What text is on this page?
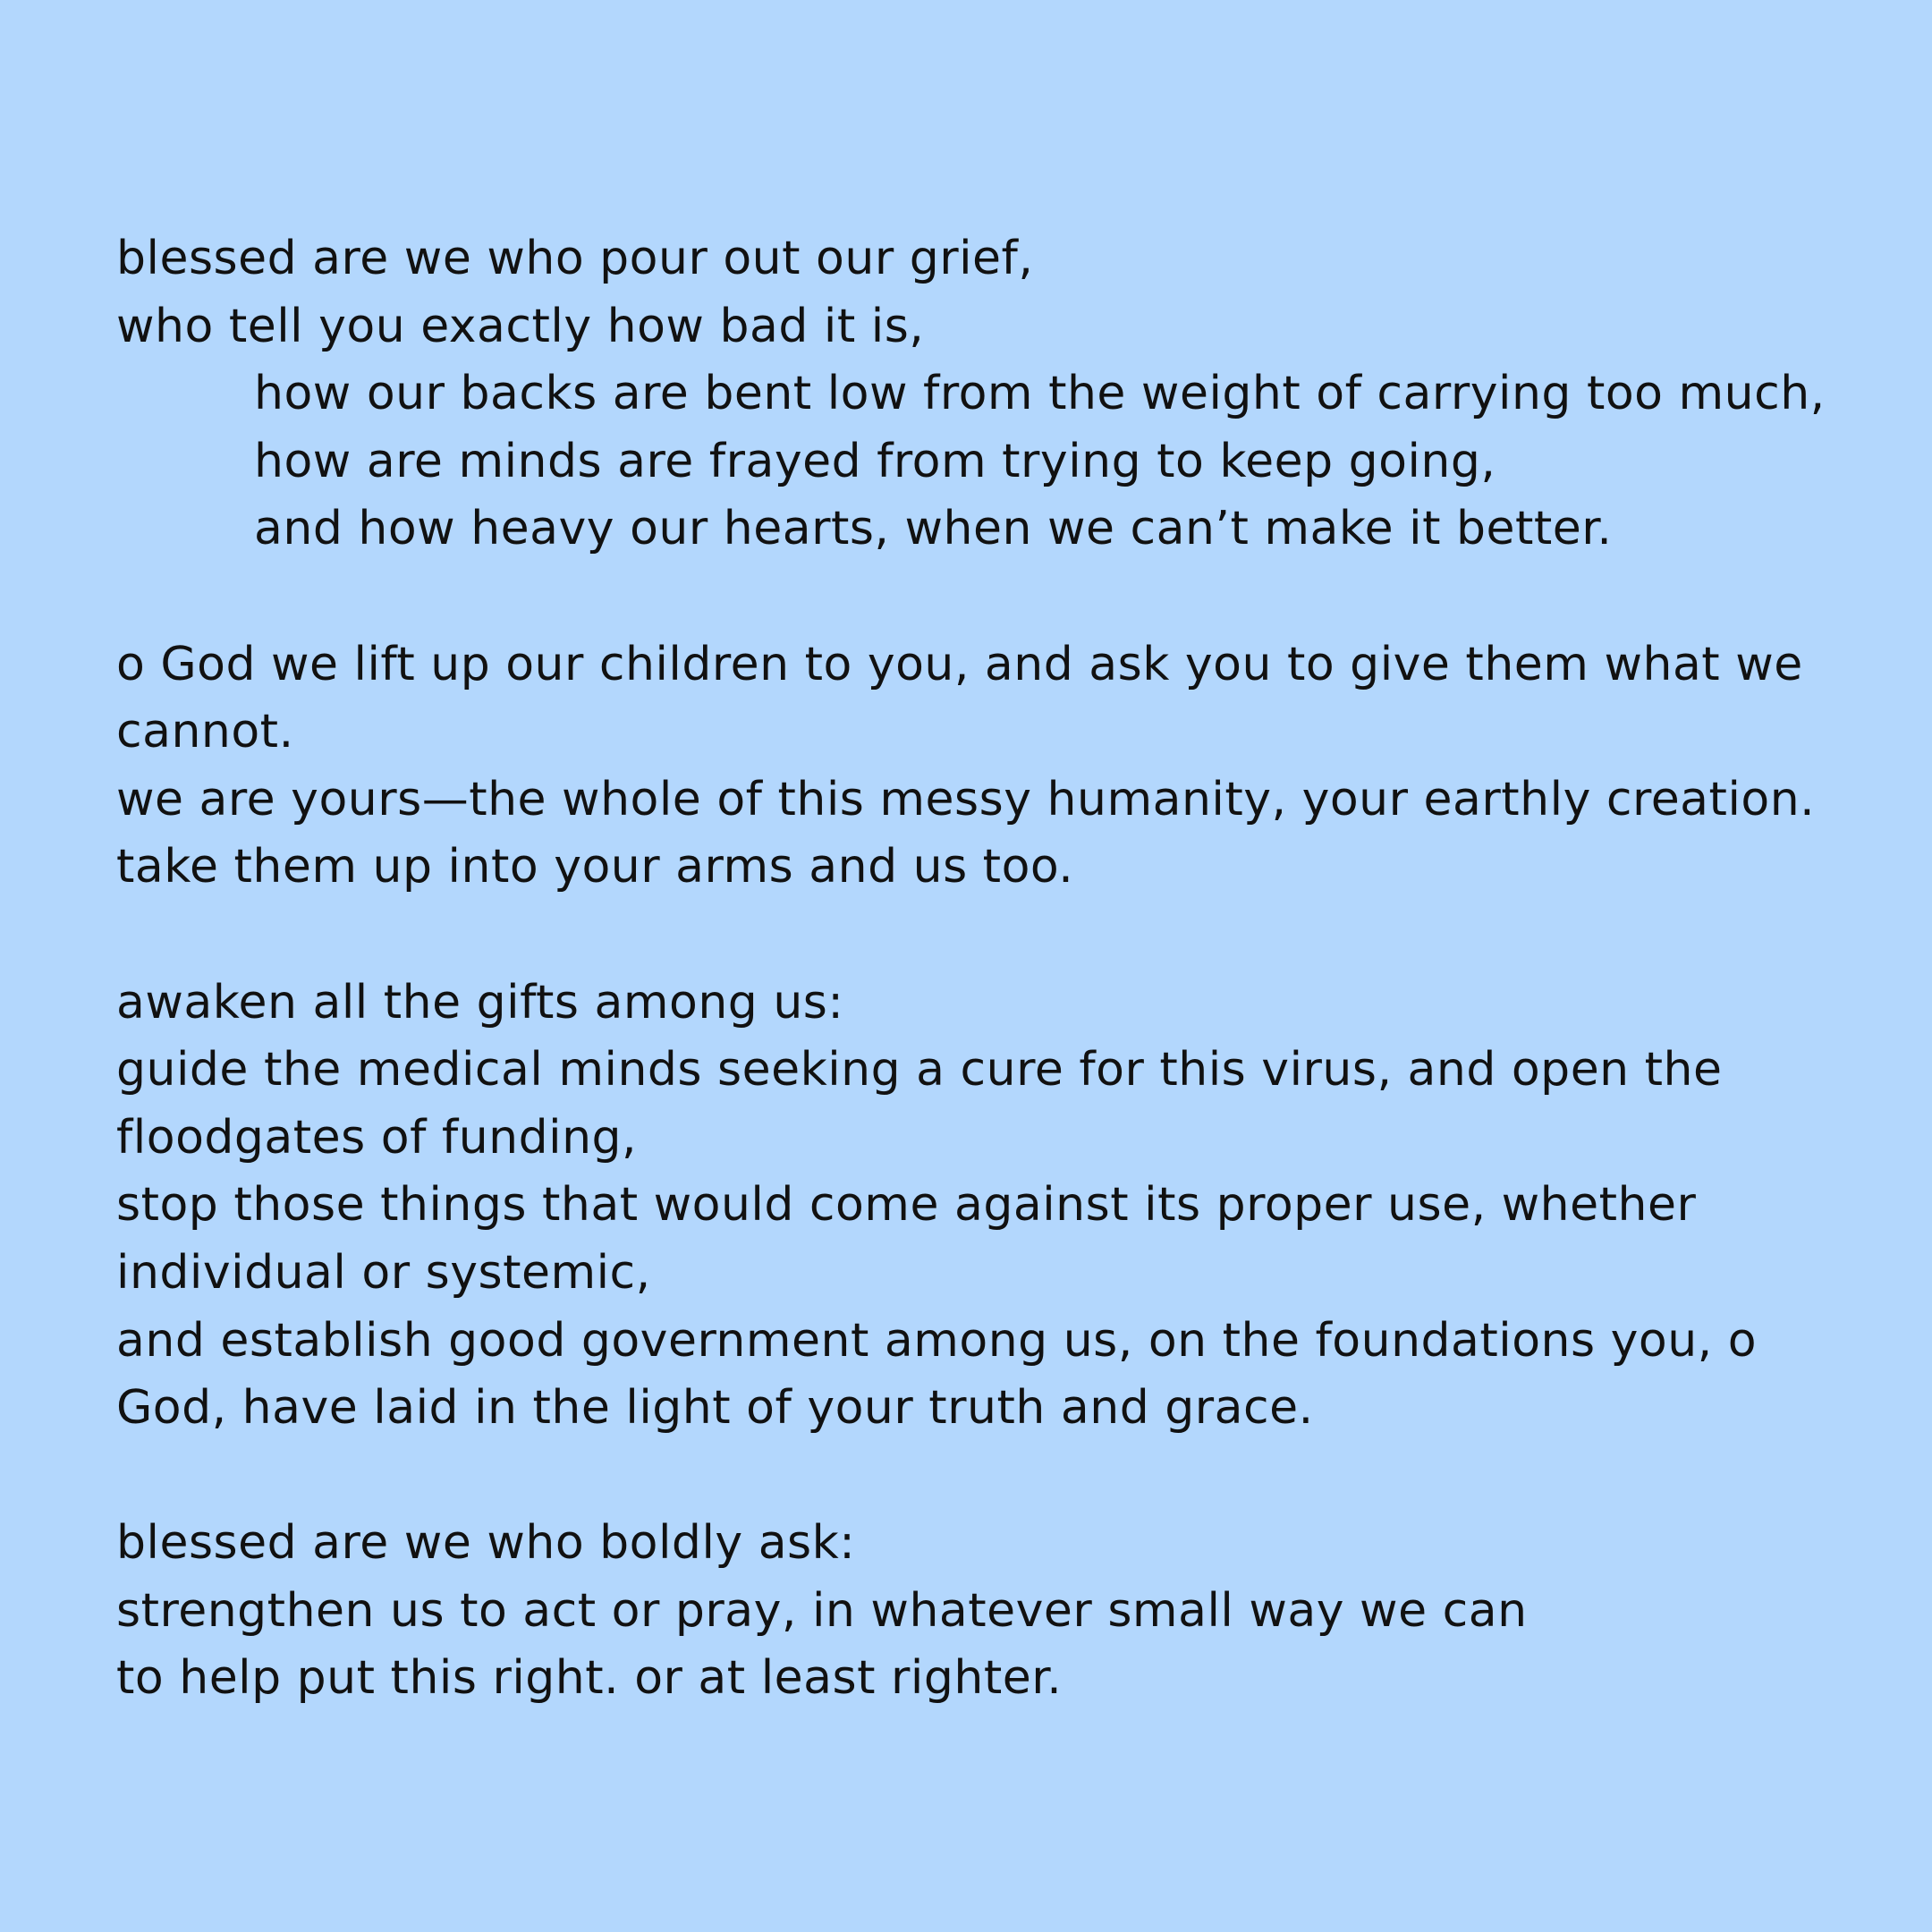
blessed are we who pour out our grief,
who tell you exactly how bad it is,
how our backs are bent low from the weight of carrying too much,
how are minds are frayed from trying to keep going,
and how heavy our hearts, when we can’t make it better.
o God we lift up our children to you, and ask you to give them what we
cannot.
we are yours—the whole of this messy humanity, your earthly creation.
take them up into your arms and us too.
awaken all the gifts among us:
guide the medical minds seeking a cure for this virus, and open the
floodgates of funding,
stop those things that would come against its proper use, whether
individual or systemic,
and establish good government among us, on the foundations you, o
God, have laid in the light of your truth and grace.
blessed are we who boldly ask:
strengthen us to act or pray, in whatever small way we can
to help put this right. or at least righter.
